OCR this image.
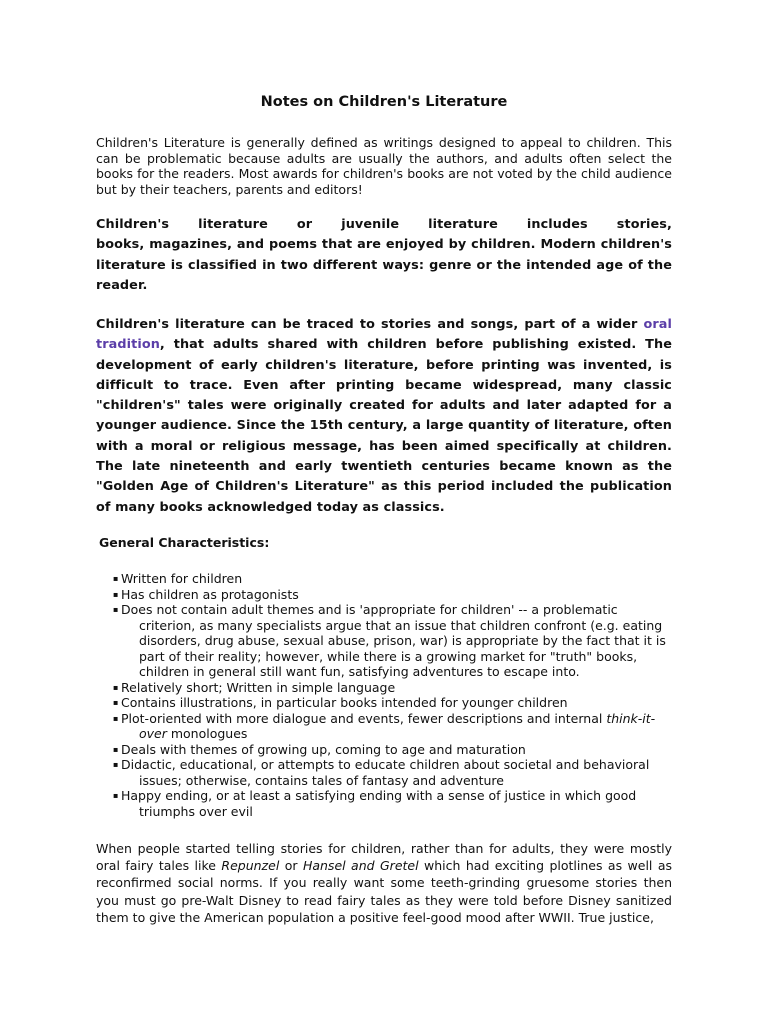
Notes on Children's Literature

Children's Literature is generally defined as writings designed to appeal to children. This can be problematic because adults are usually the authors, and adults often select the books for the readers. Most awards for children's books are not voted by the child audience but by their teachers, parents and editors!

Children's literature or juvenile literature includes stories, books, magazines, and poems that are enjoyed by children. Modern children's literature is classified in two different ways: genre or the intended age of the reader.

Children's literature can be traced to stories and songs, part of a wider oral tradition, that adults shared with children before publishing existed. The development of early children's literature, before printing was invented, is difficult to trace. Even after printing became widespread, many classic "children's" tales were originally created for adults and later adapted for a younger audience. Since the 15th century, a large quantity of literature, often with a moral or religious message, has been aimed specifically at children. The late nineteenth and early twentieth centuries became known as the "Golden Age of Children's Literature" as this period included the publication of many books acknowledged today as classics.

General Characteristics:
▪ Written for children
▪ Has children as protagonists
▪ Does not contain adult themes and is 'appropriate for children' -- a problematic criterion, as many specialists argue that an issue that children confront (e.g. eating disorders, drug abuse, sexual abuse, prison, war) is appropriate by the fact that it is part of their reality; however, while there is a growing market for "truth" books, children in general still want fun, satisfying adventures to escape into.
▪ Relatively short; Written in simple language
▪ Contains illustrations, in particular books intended for younger children
▪ Plot-oriented with more dialogue and events, fewer descriptions and internal think-it-over monologues
▪ Deals with themes of growing up, coming to age and maturation
▪ Didactic, educational, or attempts to educate children about societal and behavioral issues; otherwise, contains tales of fantasy and adventure
▪ Happy ending, or at least a satisfying ending with a sense of justice in which good triumphs over evil

When people started telling stories for children, rather than for adults, they were mostly oral fairy tales like Repunzel or Hansel and Gretel which had exciting plotlines as well as reconfirmed social norms. If you really want some teeth-grinding gruesome stories then you must go pre-Walt Disney to read fairy tales as they were told before Disney sanitized them to give the American population a positive feel-good mood after WWII. True justice,
